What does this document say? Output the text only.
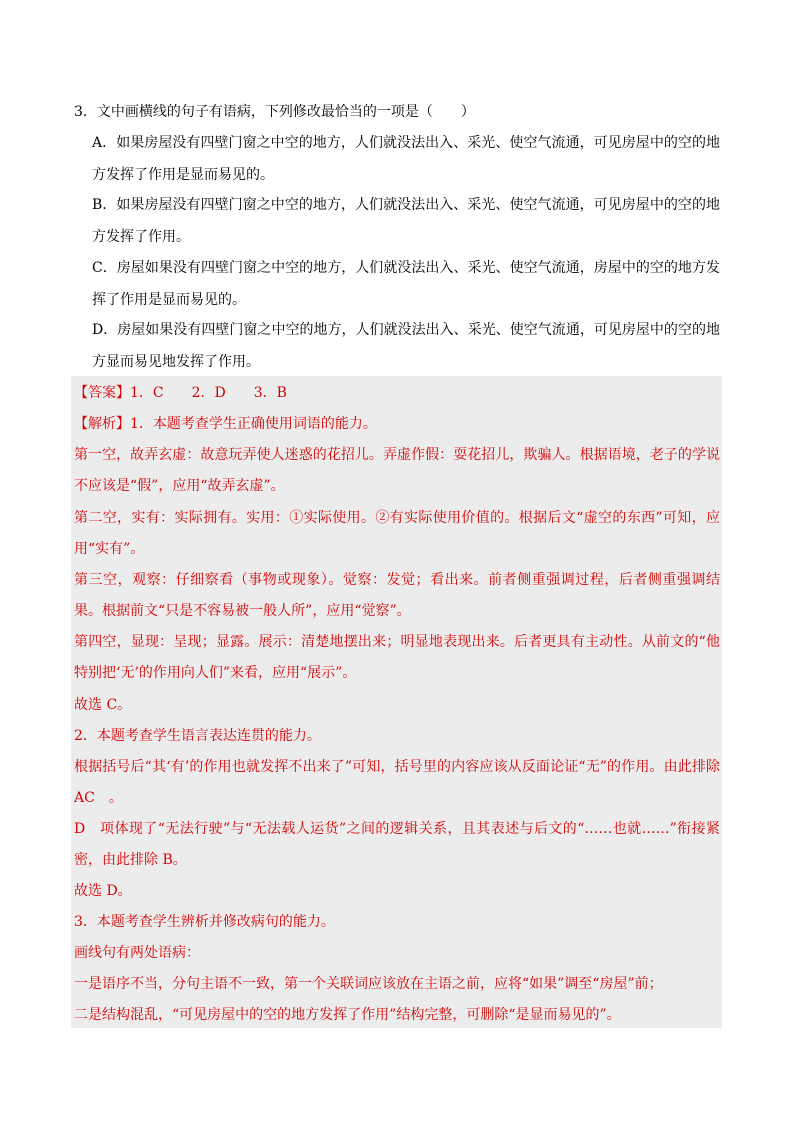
3．文中画横线的句子有语病，下列修改最恰当的一项是（　　）
A．如果房屋没有四壁门窗之中空的地方，人们就没法出入、采光、使空气流通，可见房屋中的空的地方发挥了作用是显而易见的。
B．如果房屋没有四壁门窗之中空的地方，人们就没法出入、采光、使空气流通，可见房屋中的空的地方发挥了作用。
C．房屋如果没有四壁门窗之中空的地方，人们就没法出入、采光、使空气流通，房屋中的空的地方发挥了作用是显而易见的。
D．房屋如果没有四壁门窗之中空的地方，人们就没法出入、采光、使空气流通，可见房屋中的空的地方显而易见地发挥了作用。
【答案】1．C　　2．D　　3．B
【解析】1．本题考查学生正确使用词语的能力。
第一空，故弄玄虚：故意玩弄使人迷惑的花招儿。弄虚作假：耍花招儿，欺骗人。根据语境，老子的学说不应该是“假”，应用“故弄玄虚”。
第二空，实有：实际拥有。实用：①实际使用。②有实际使用价值的。根据后文“虚空的东西”可知，应用“实有”。
第三空，观察：仔细察看（事物或现象）。觉察：发觉；看出来。前者侧重强调过程，后者侧重强调结果。根据前文“只是不容易被一般人所”，应用“觉察”。
第四空，显现：呈现；显露。展示：清楚地摆出来；明显地表现出来。后者更具有主动性。从前文的“他特别把‘无’的作用向人们”来看，应用“展示”。
故选 C。
2．本题考查学生语言表达连贯的能力。
根据括号后“其‘有’的作用也就发挥不出来了”可知，括号里的内容应该从反面论证“无”的作用。由此排除 AC　。
D　项体现了“无法行驶”与“无法载人运货”之间的逻辑关系，且其表述与后文的“……也就……”衔接紧密，由此排除 B。
故选 D。
3．本题考查学生辨析并修改病句的能力。
画线句有两处语病：
一是语序不当，分句主语不一致，第一个关联词应该放在主语之前，应将“如果”调至“房屋”前；
二是结构混乱，“可见房屋中的空的地方发挥了作用”结构完整，可删除“是显而易见的”。
